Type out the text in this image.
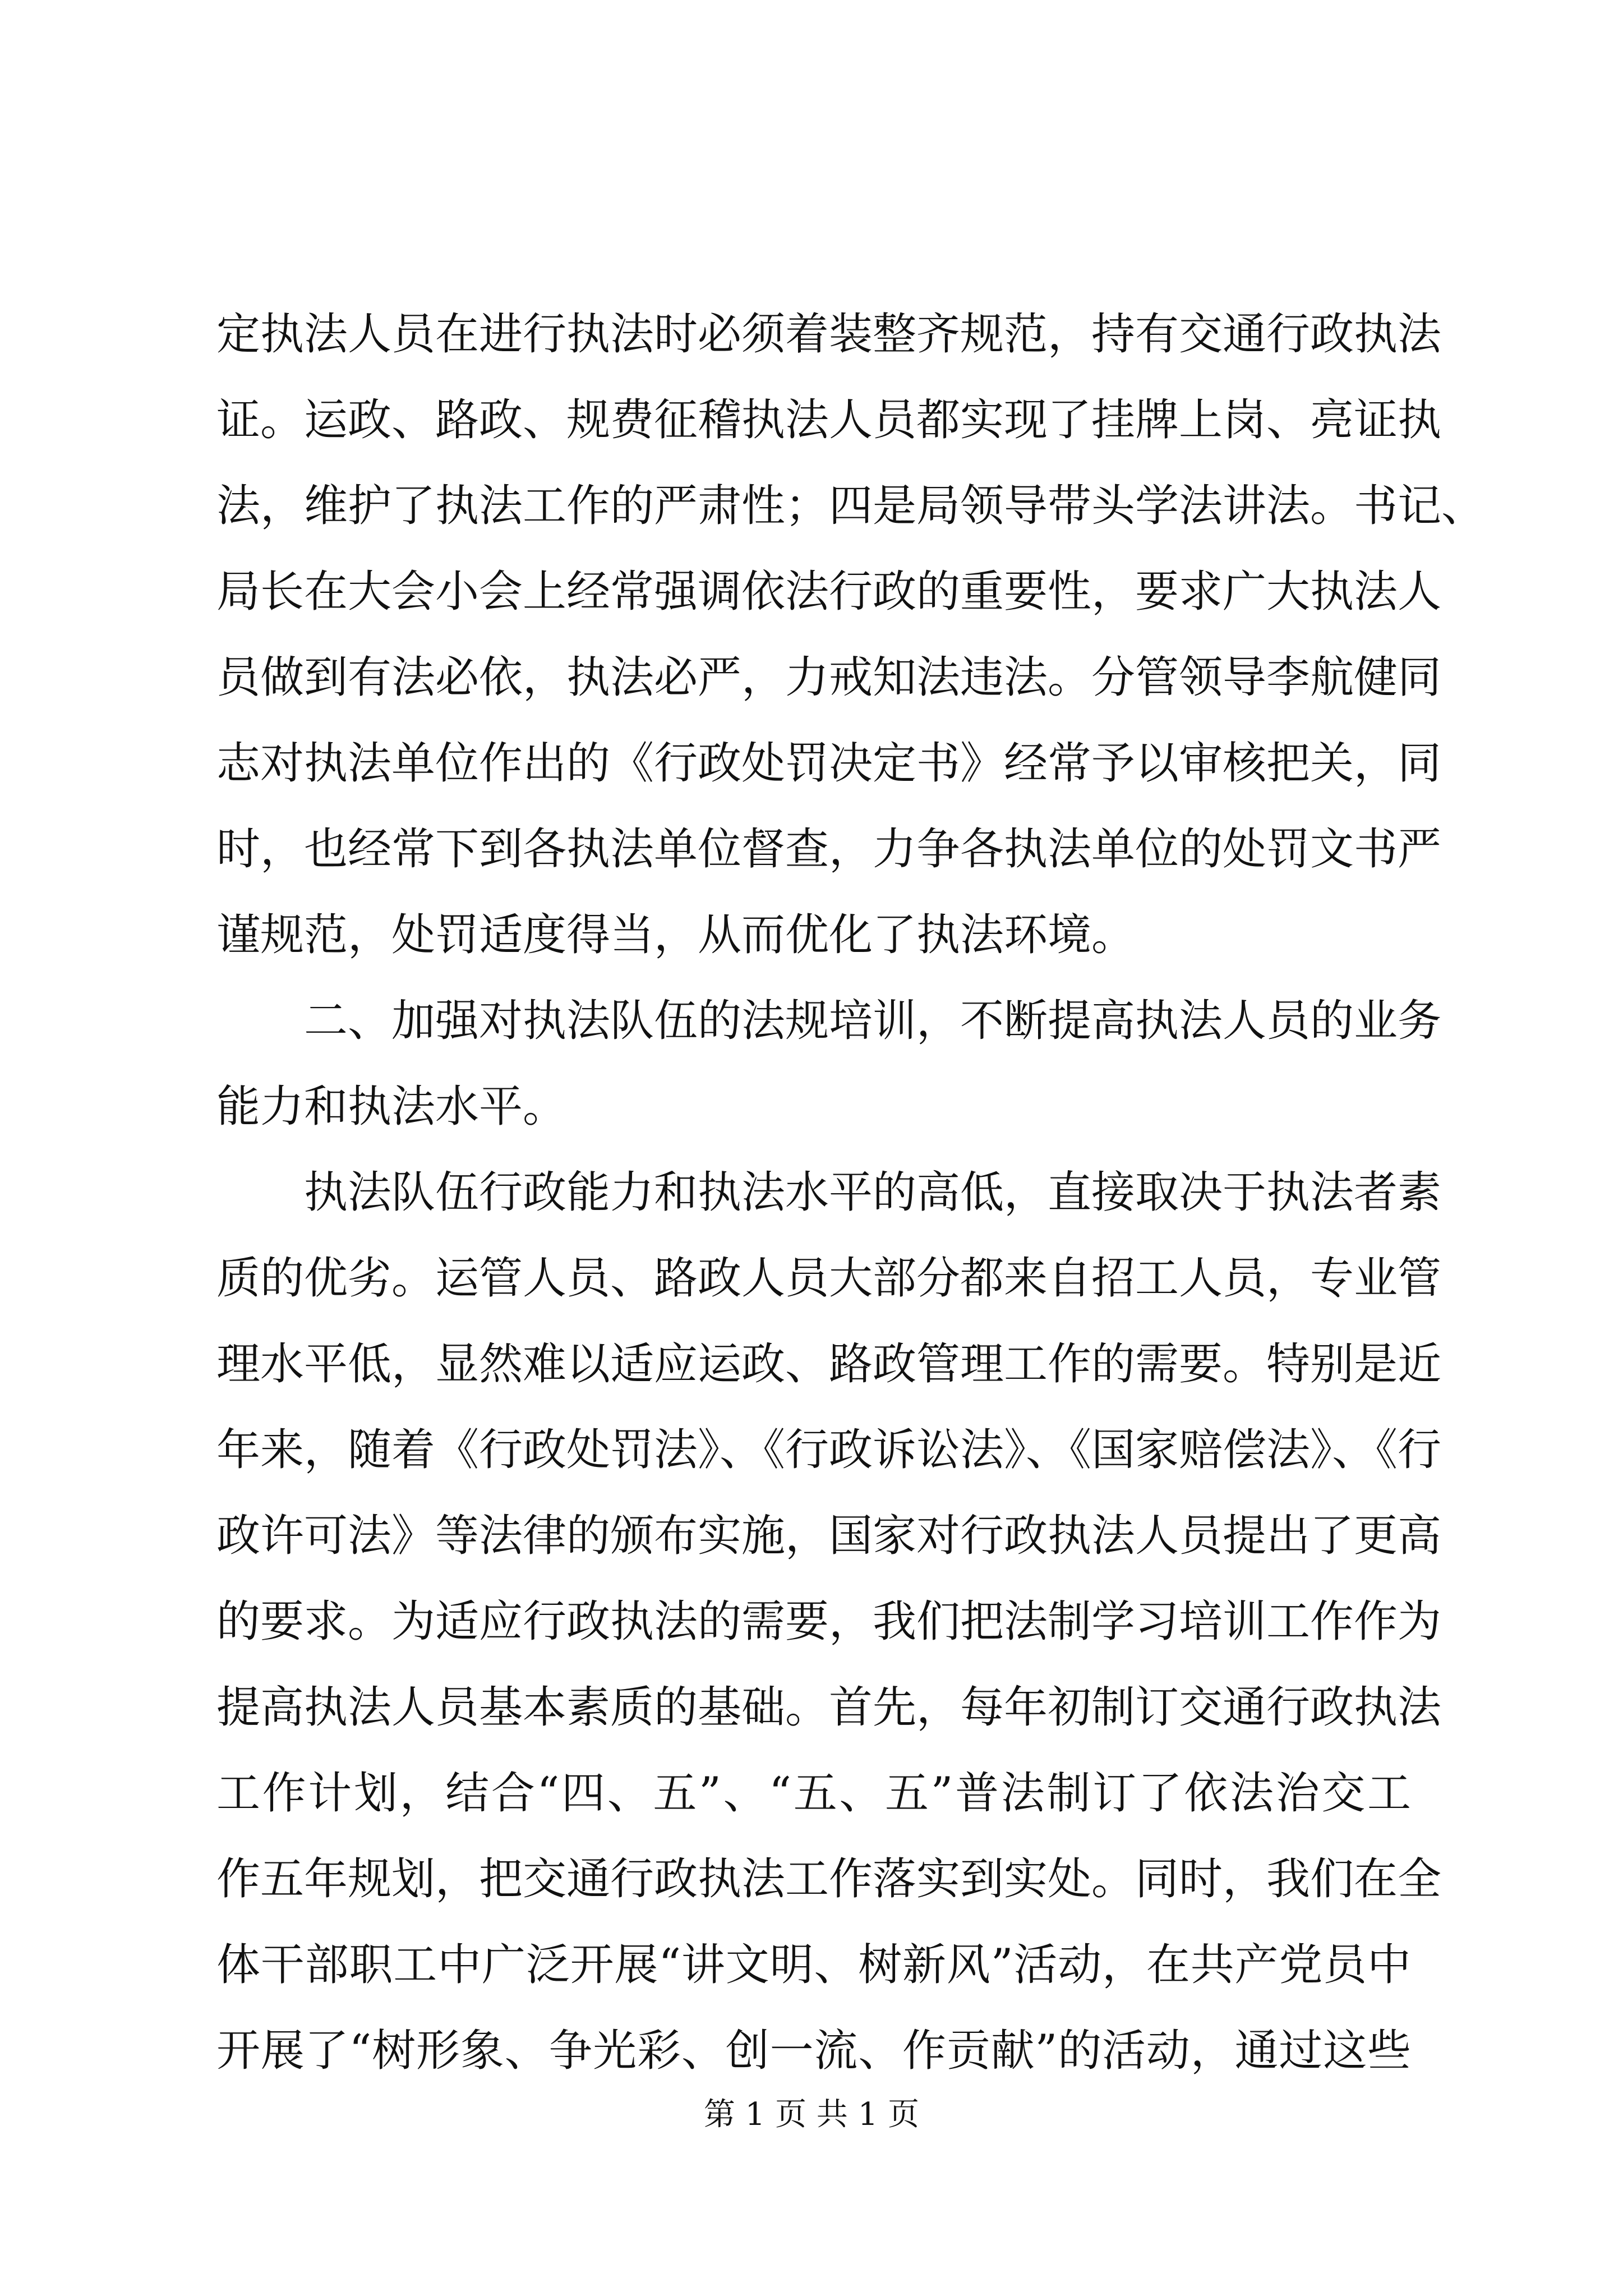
定执法人员在进行执法时必须着装整齐规范，持有交通行政执法
证。运政、路政、规费征稽执法人员都实现了挂牌上岗、亮证执
法，维护了执法工作的严肃性；四是局领导带头学法讲法。书记、
局长在大会小会上经常强调依法行政的重要性，要求广大执法人
员做到有法必依，执法必严，力戒知法违法。分管领导李航健同
志对执法单位作出的《行政处罚决定书》经常予以审核把关，同
时，也经常下到各执法单位督查，力争各执法单位的处罚文书严
谨规范，处罚适度得当，从而优化了执法环境。
二、加强对执法队伍的法规培训，不断提高执法人员的业务
能力和执法水平。
执法队伍行政能力和执法水平的高低，直接取决于执法者素
质的优劣。运管人员、路政人员大部分都来自招工人员，专业管
理水平低，显然难以适应运政、路政管理工作的需要。特别是近
年来，随着《行政处罚法》、《行政诉讼法》、《国家赔偿法》、《行
政许可法》等法律的颁布实施，国家对行政执法人员提出了更高
的要求。为适应行政执法的需要，我们把法制学习培训工作作为
提高执法人员基本素质的基础。首先，每年初制订交通行政执法
工作计划，结合“四、五”、“五、五”普法制订了依法治交工
作五年规划，把交通行政执法工作落实到实处。同时，我们在全
体干部职工中广泛开展“讲文明、树新风”活动，在共产党员中
开展了“树形象、争光彩、创一流、作贡献”的活动，通过这些
第 1 页 共 1 页
